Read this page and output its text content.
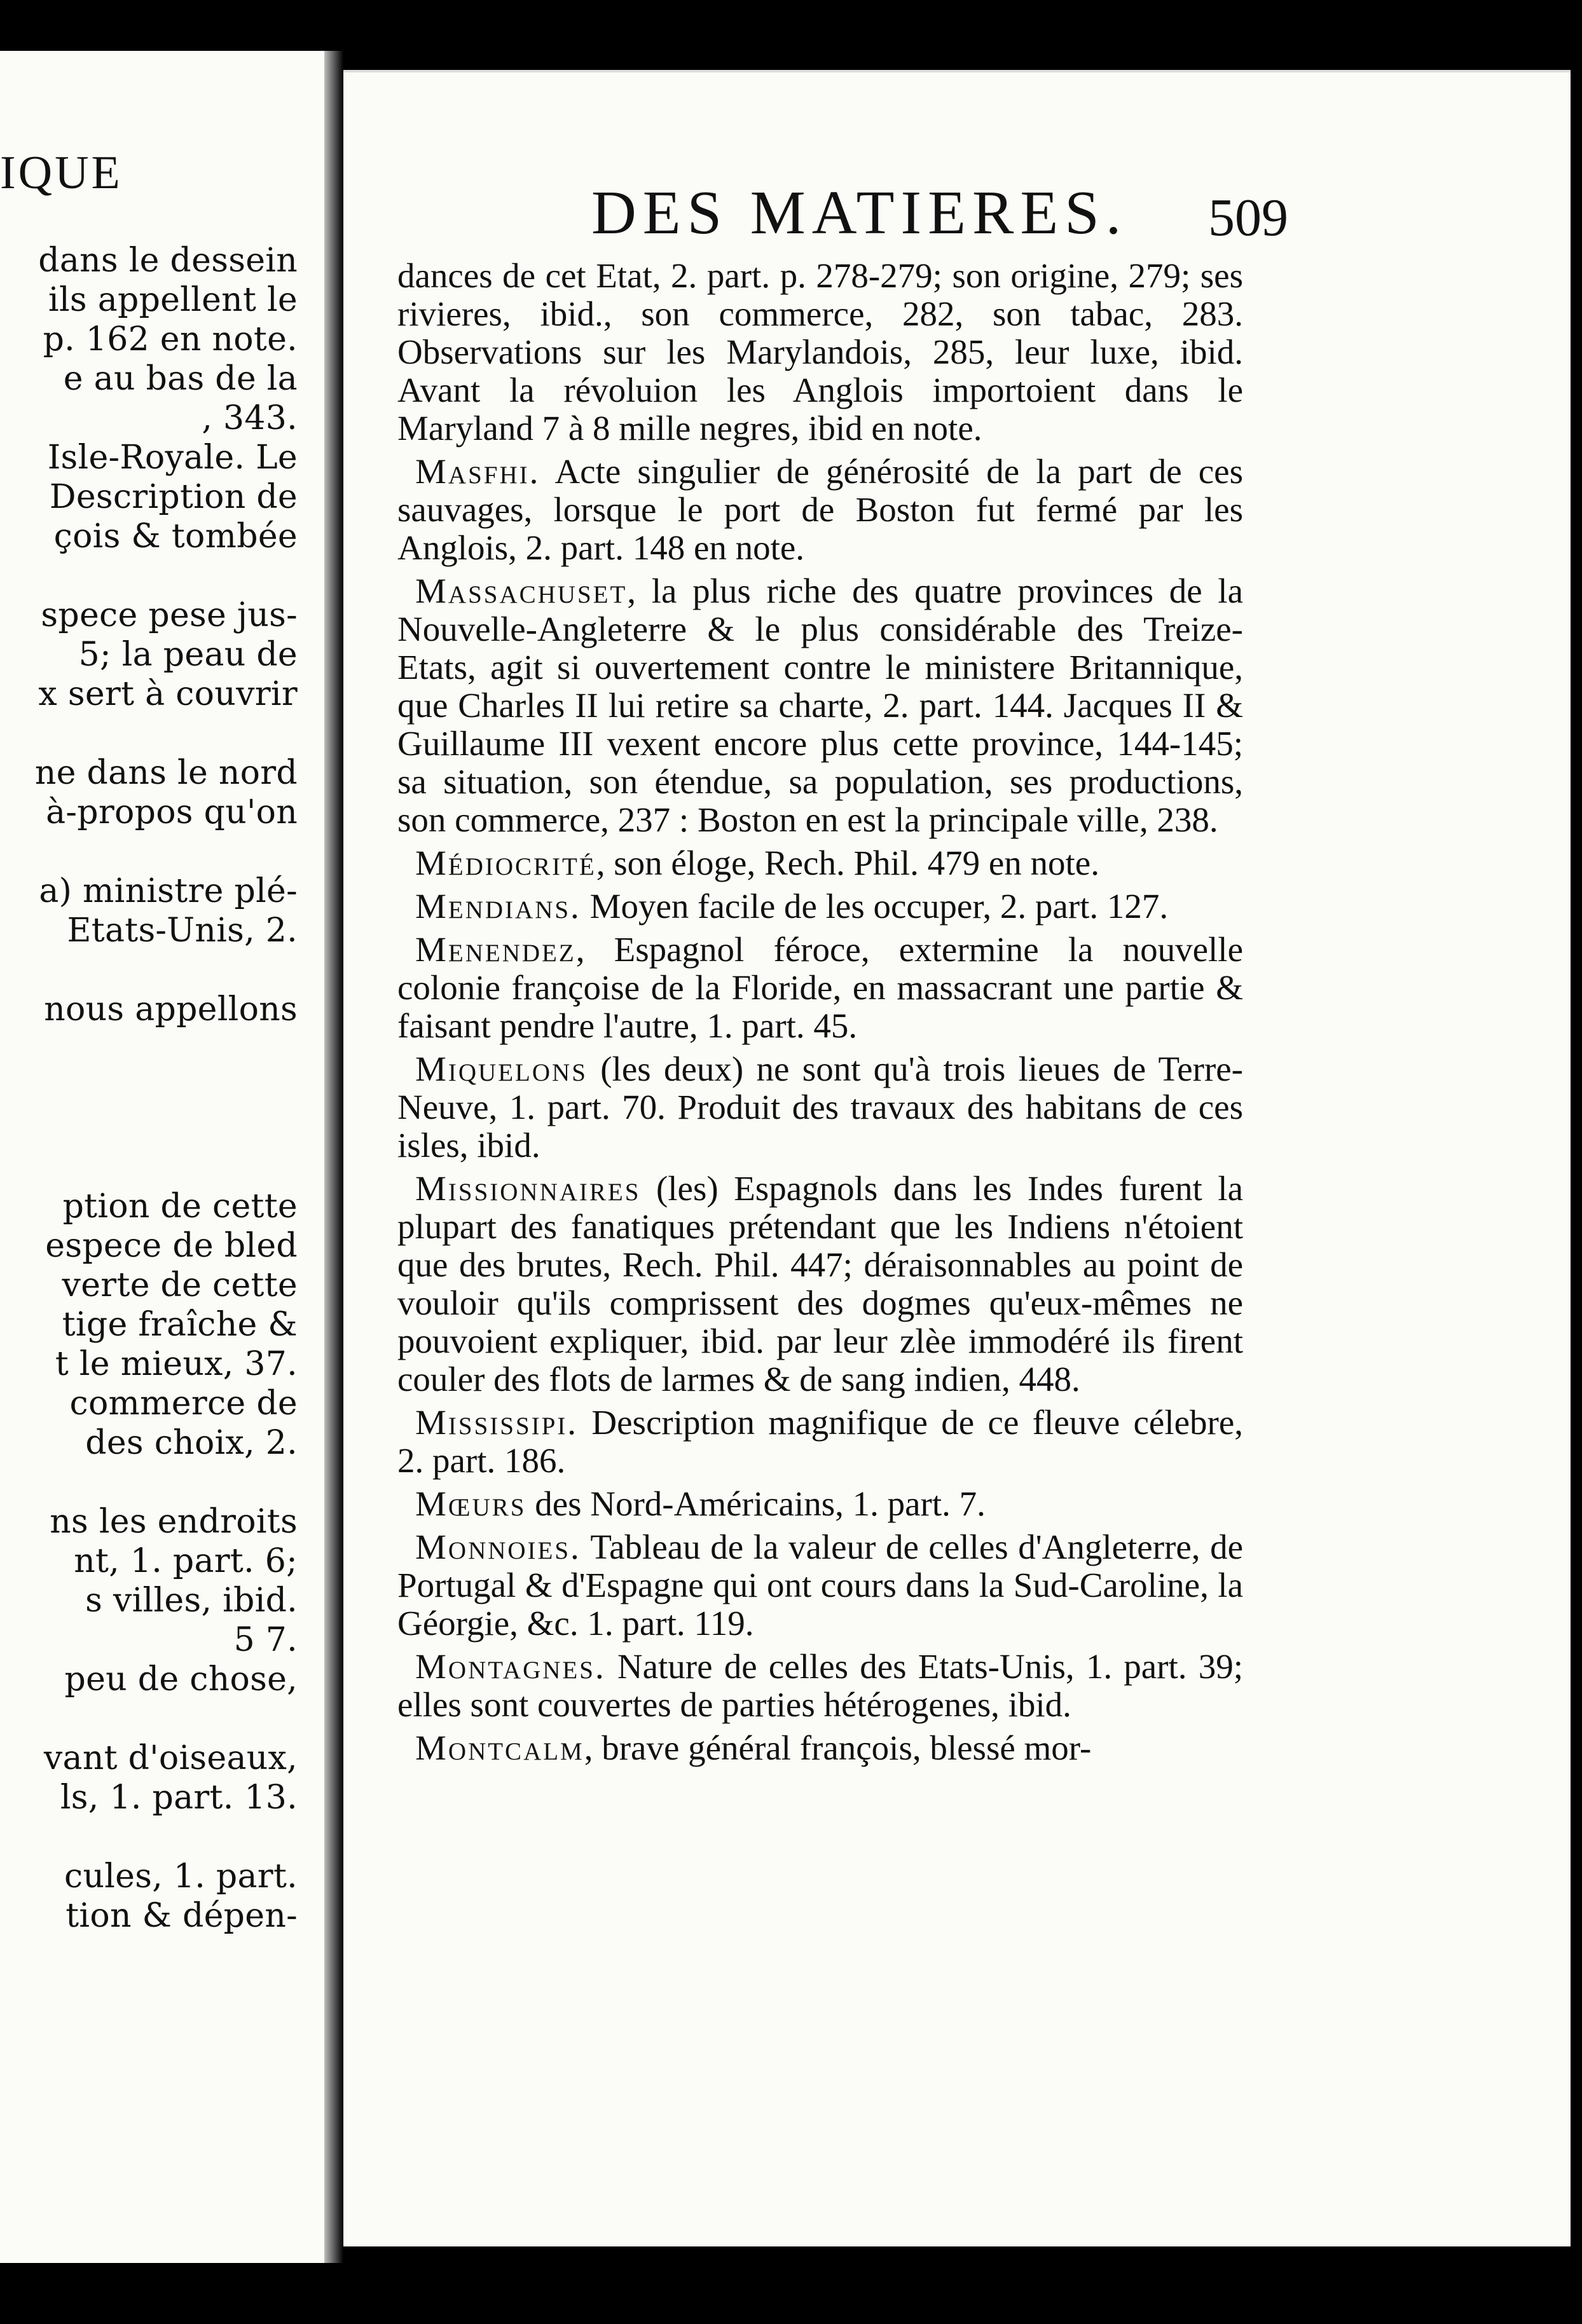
IQUE
dans le dessein
ils appellent le
p. 162 en note.
e au bas de la
, 343.
Isle-Royale. Le
Description de
çois & tombée
spece pese jus-
5; la peau de
x sert à couvrir
ne dans le nord
à-propos qu'on
a) ministre plé-
Etats-Unis, 2.
nous appellons
ption de cette
espece de bled
verte de cette
tige fraîche &
t le mieux, 37.
commerce de
des choix, 2.
ns les endroits
nt, 1. part. 6;
s villes, ibid.
5 7.
peu de chose,
vant d'oiseaux,
ls, 1. part. 13.
cules, 1. part.
tion & dépen-
DES MATIERES. 509
dances de cet Etat, 2. part. p. 278-279; son origine, 279; ses rivieres, ibid., son commerce, 282, son tabac, 283. Observations sur les Marylandois, 285, leur luxe, ibid. Avant la révoluion les Anglois importoient dans le Maryland 7 à 8 mille negres, ibid en note.
Masfhi. Acte singulier de générosité de la part de ces sauvages, lorsque le port de Boston fut fermé par les Anglois, 2. part. 148 en note.
Massachuset, la plus riche des quatre provinces de la Nouvelle-Angleterre & le plus considérable des Treize-Etats, agit si ouvertement contre le ministere Britannique, que Charles II lui retire sa charte, 2. part. 144. Jacques II & Guillaume III vexent encore plus cette province, 144-145; sa situation, son étendue, sa population, ses productions, son commerce, 237 : Boston en est la principale ville, 238.
Médiocrité, son éloge, Rech. Phil. 479 en note.
Mendians. Moyen facile de les occuper, 2. part. 127.
Menendez, Espagnol féroce, extermine la nouvelle colonie françoise de la Floride, en massacrant une partie & faisant pendre l'autre, 1. part. 45.
Miquelons (les deux) ne sont qu'à trois lieues de Terre-Neuve, 1. part. 70. Produit des travaux des habitans de ces isles, ibid.
Missionnaires (les) Espagnols dans les Indes furent la plupart des fanatiques prétendant que les Indiens n'étoient que des brutes, Rech. Phil. 447; déraisonnables au point de vouloir qu'ils comprissent des dogmes qu'eux-mêmes ne pouvoient expliquer, ibid. par leur zlèe immodéré ils firent couler des flots de larmes & de sang indien, 448.
Mississipi. Description magnifique de ce fleuve célebre, 2. part. 186.
Mœurs des Nord-Américains, 1. part. 7.
Monnoies. Tableau de la valeur de celles d'Angleterre, de Portugal & d'Espagne qui ont cours dans la Sud-Caroline, la Géorgie, &c. 1. part. 119.
Montagnes. Nature de celles des Etats-Unis, 1. part. 39; elles sont couvertes de parties hétérogenes, ibid.
Montcalm, brave général françois, blessé mor-
